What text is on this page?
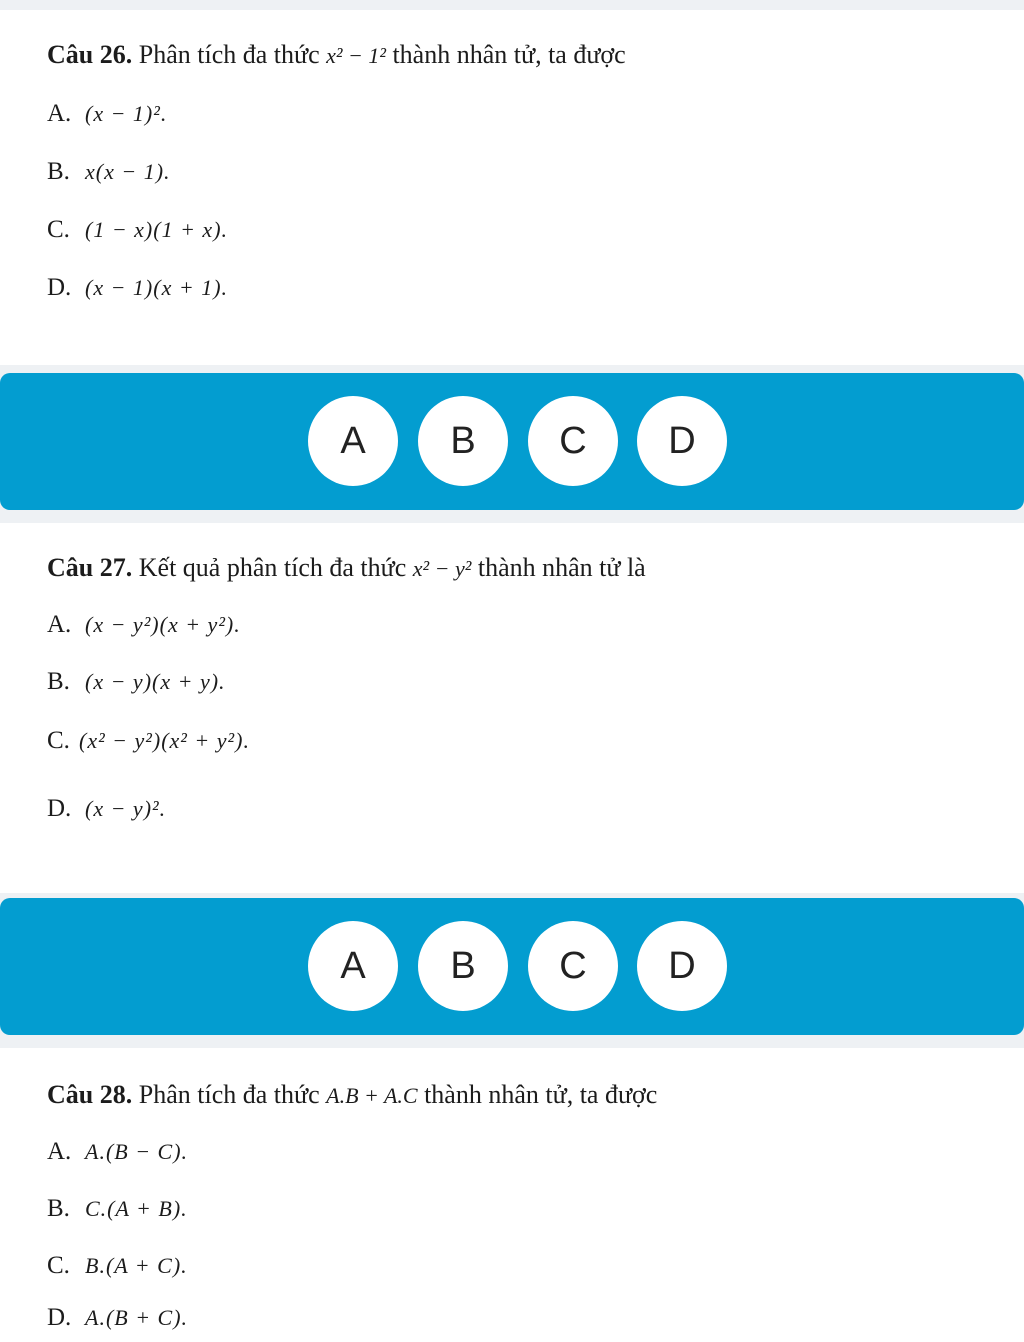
Câu 26. Phân tích đa thức x² − 1² thành nhân tử, ta được
A. (x − 1)².
B. x(x − 1).
C. (1 − x)(1 + x).
D. (x − 1)(x + 1).
A	B	C	D
Câu 27. Kết quả phân tích đa thức x² − y² thành nhân tử là
A. (x − y²)(x + y²).
B. (x − y)(x + y).
C. (x² − y²)(x² + y²).
D. (x − y)².
A	B	C	D
Câu 28. Phân tích đa thức A.B + A.C thành nhân tử, ta được
A. A.(B − C).
B. C.(A + B).
C. B.(A + C).
D. A.(B + C).
